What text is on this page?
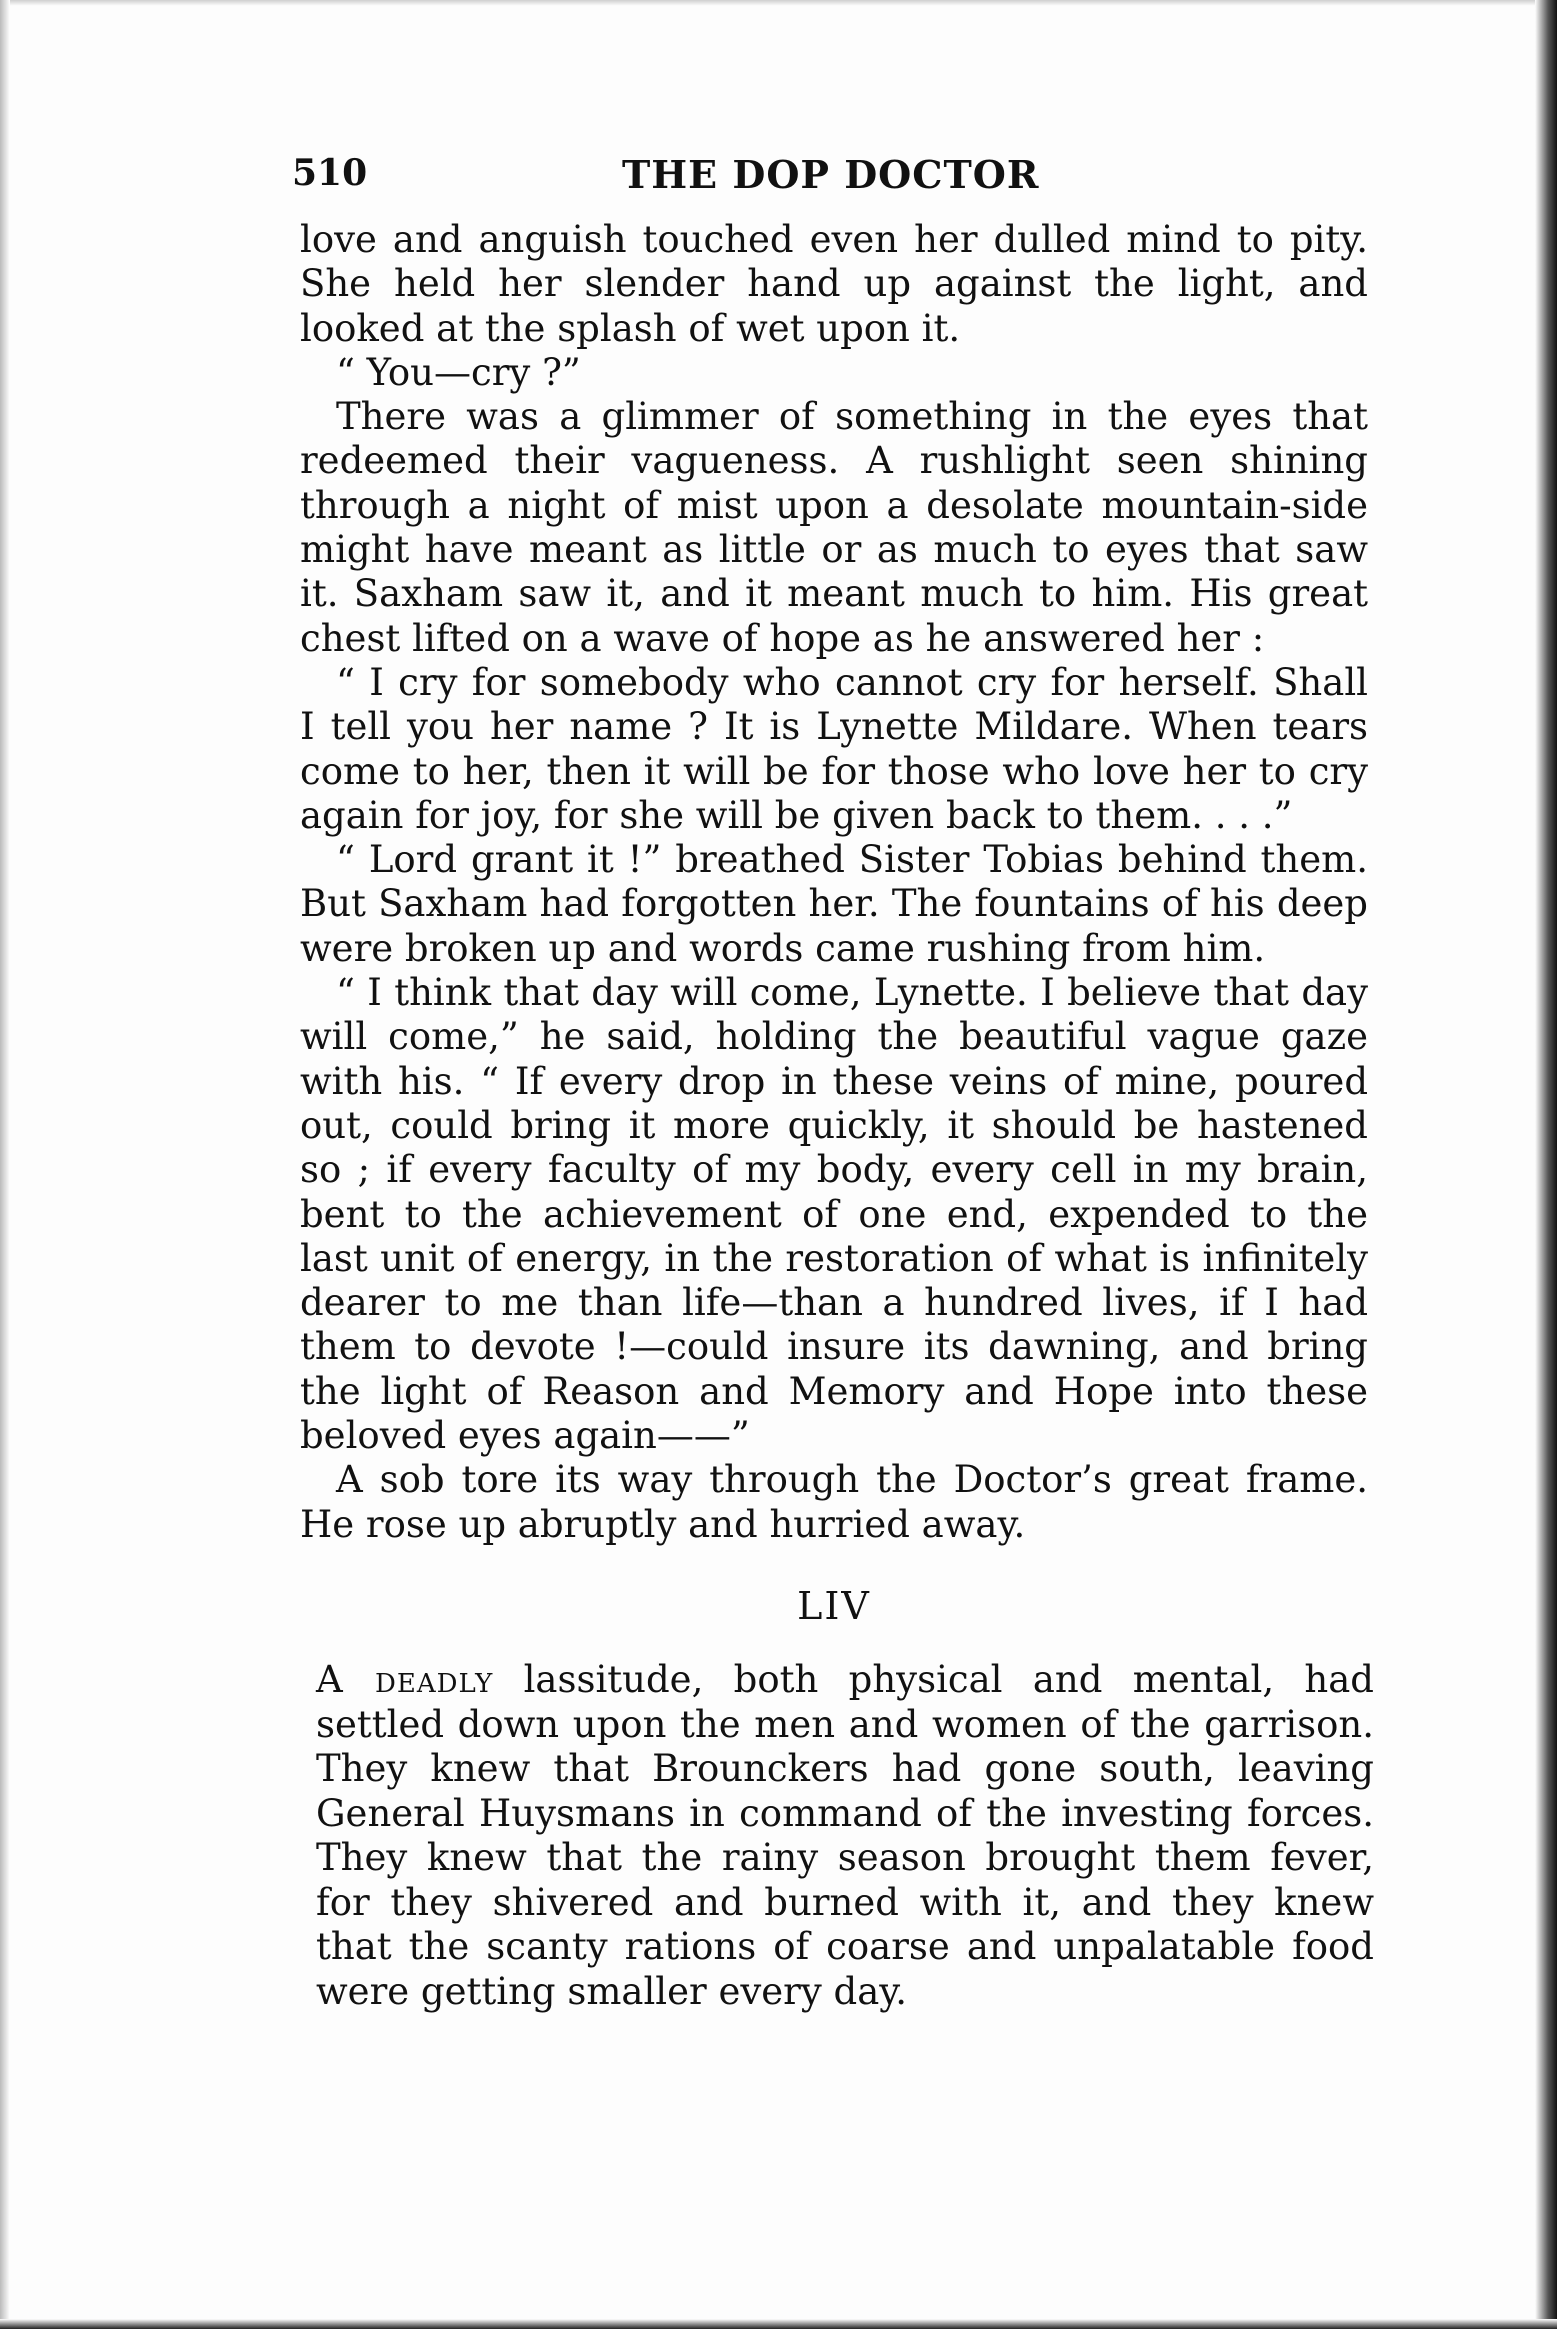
510	THE DOP DOCTOR

love and anguish touched even her dulled mind to pity. She held her slender hand up against the light, and looked at the splash of wet upon it.

“ You—cry ?”

There was a glimmer of something in the eyes that redeemed their vagueness. A rushlight seen shining through a night of mist upon a desolate mountain-side might have meant as little or as much to eyes that saw it. Saxham saw it, and it meant much to him. His great chest lifted on a wave of hope as he answered her :

“ I cry for somebody who cannot cry for herself. Shall I tell you her name ? It is Lynette Mildare. When tears come to her, then it will be for those who love her to cry again for joy, for she will be given back to them. . . .”

“ Lord grant it !” breathed Sister Tobias behind them. But Saxham had forgotten her. The fountains of his deep were broken up and words came rushing from him.

“ I think that day will come, Lynette. I believe that day will come,” he said, holding the beautiful vague gaze with his. “ If every drop in these veins of mine, poured out, could bring it more quickly, it should be hastened so ; if every faculty of my body, every cell in my brain, bent to the achievement of one end, expended to the last unit of energy, in the restoration of what is infinitely dearer to me than life—than a hundred lives, if I had them to devote !—could insure its dawning, and bring the light of Reason and Memory and Hope into these beloved eyes again——”

A sob tore its way through the Doctor’s great frame. He rose up abruptly and hurried away.

LIV

A deadly lassitude, both physical and mental, had settled down upon the men and women of the garrison. They knew that Brounckers had gone south, leaving General Huysmans in command of the investing forces. They knew that the rainy season brought them fever, for they shivered and burned with it, and they knew that the scanty rations of coarse and unpalatable food were getting smaller every day.
